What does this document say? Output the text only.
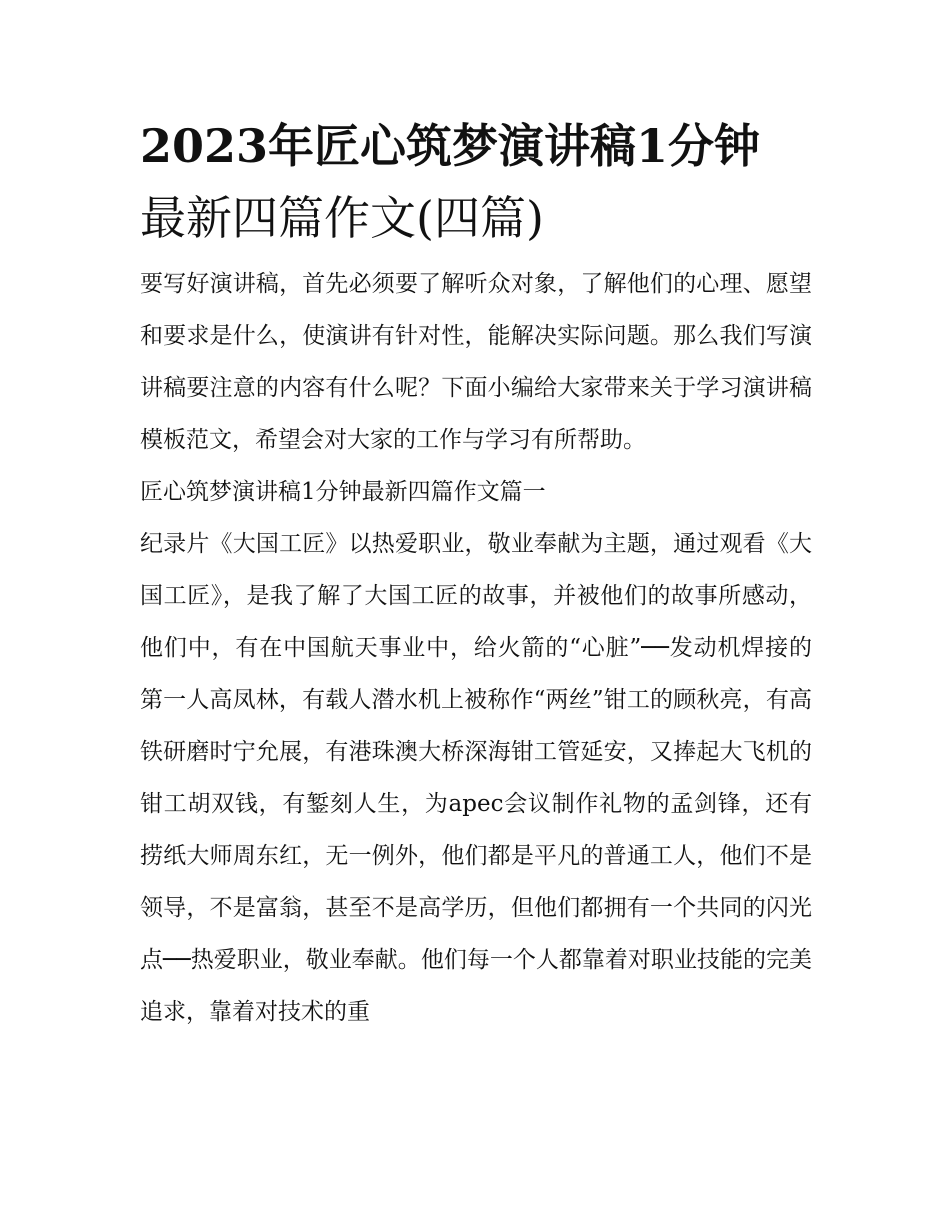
2023年匠心筑梦演讲稿1分钟
最新四篇作文(四篇)

要写好演讲稿，首先必须要了解听众对象，了解他们的心理、愿望和要求是什么，使演讲有针对性，能解决实际问题。那么我们写演讲稿要注意的内容有什么呢？下面小编给大家带来关于学习演讲稿模板范文，希望会对大家的工作与学习有所帮助。

匠心筑梦演讲稿1分钟最新四篇作文篇一

纪录片《大国工匠》以热爱职业，敬业奉献为主题，通过观看《大国工匠》，是我了解了大国工匠的故事，并被他们的故事所感动，他们中，有在中国航天事业中，给火箭的“心脏”──发动机焊接的第一人高凤林，有载人潜水机上被称作“两丝”钳工的顾秋亮，有高铁研磨时宁允展，有港珠澳大桥深海钳工管延安，又捧起大飞机的钳工胡双钱，有錾刻人生，为apec会议制作礼物的孟剑锋，还有捞纸大师周东红，无一例外，他们都是平凡的普通工人，他们不是领导，不是富翁，甚至不是高学历，但他们都拥有一个共同的闪光点──热爱职业，敬业奉献。他们每一个人都靠着对职业技能的完美追求，靠着对技术的重
